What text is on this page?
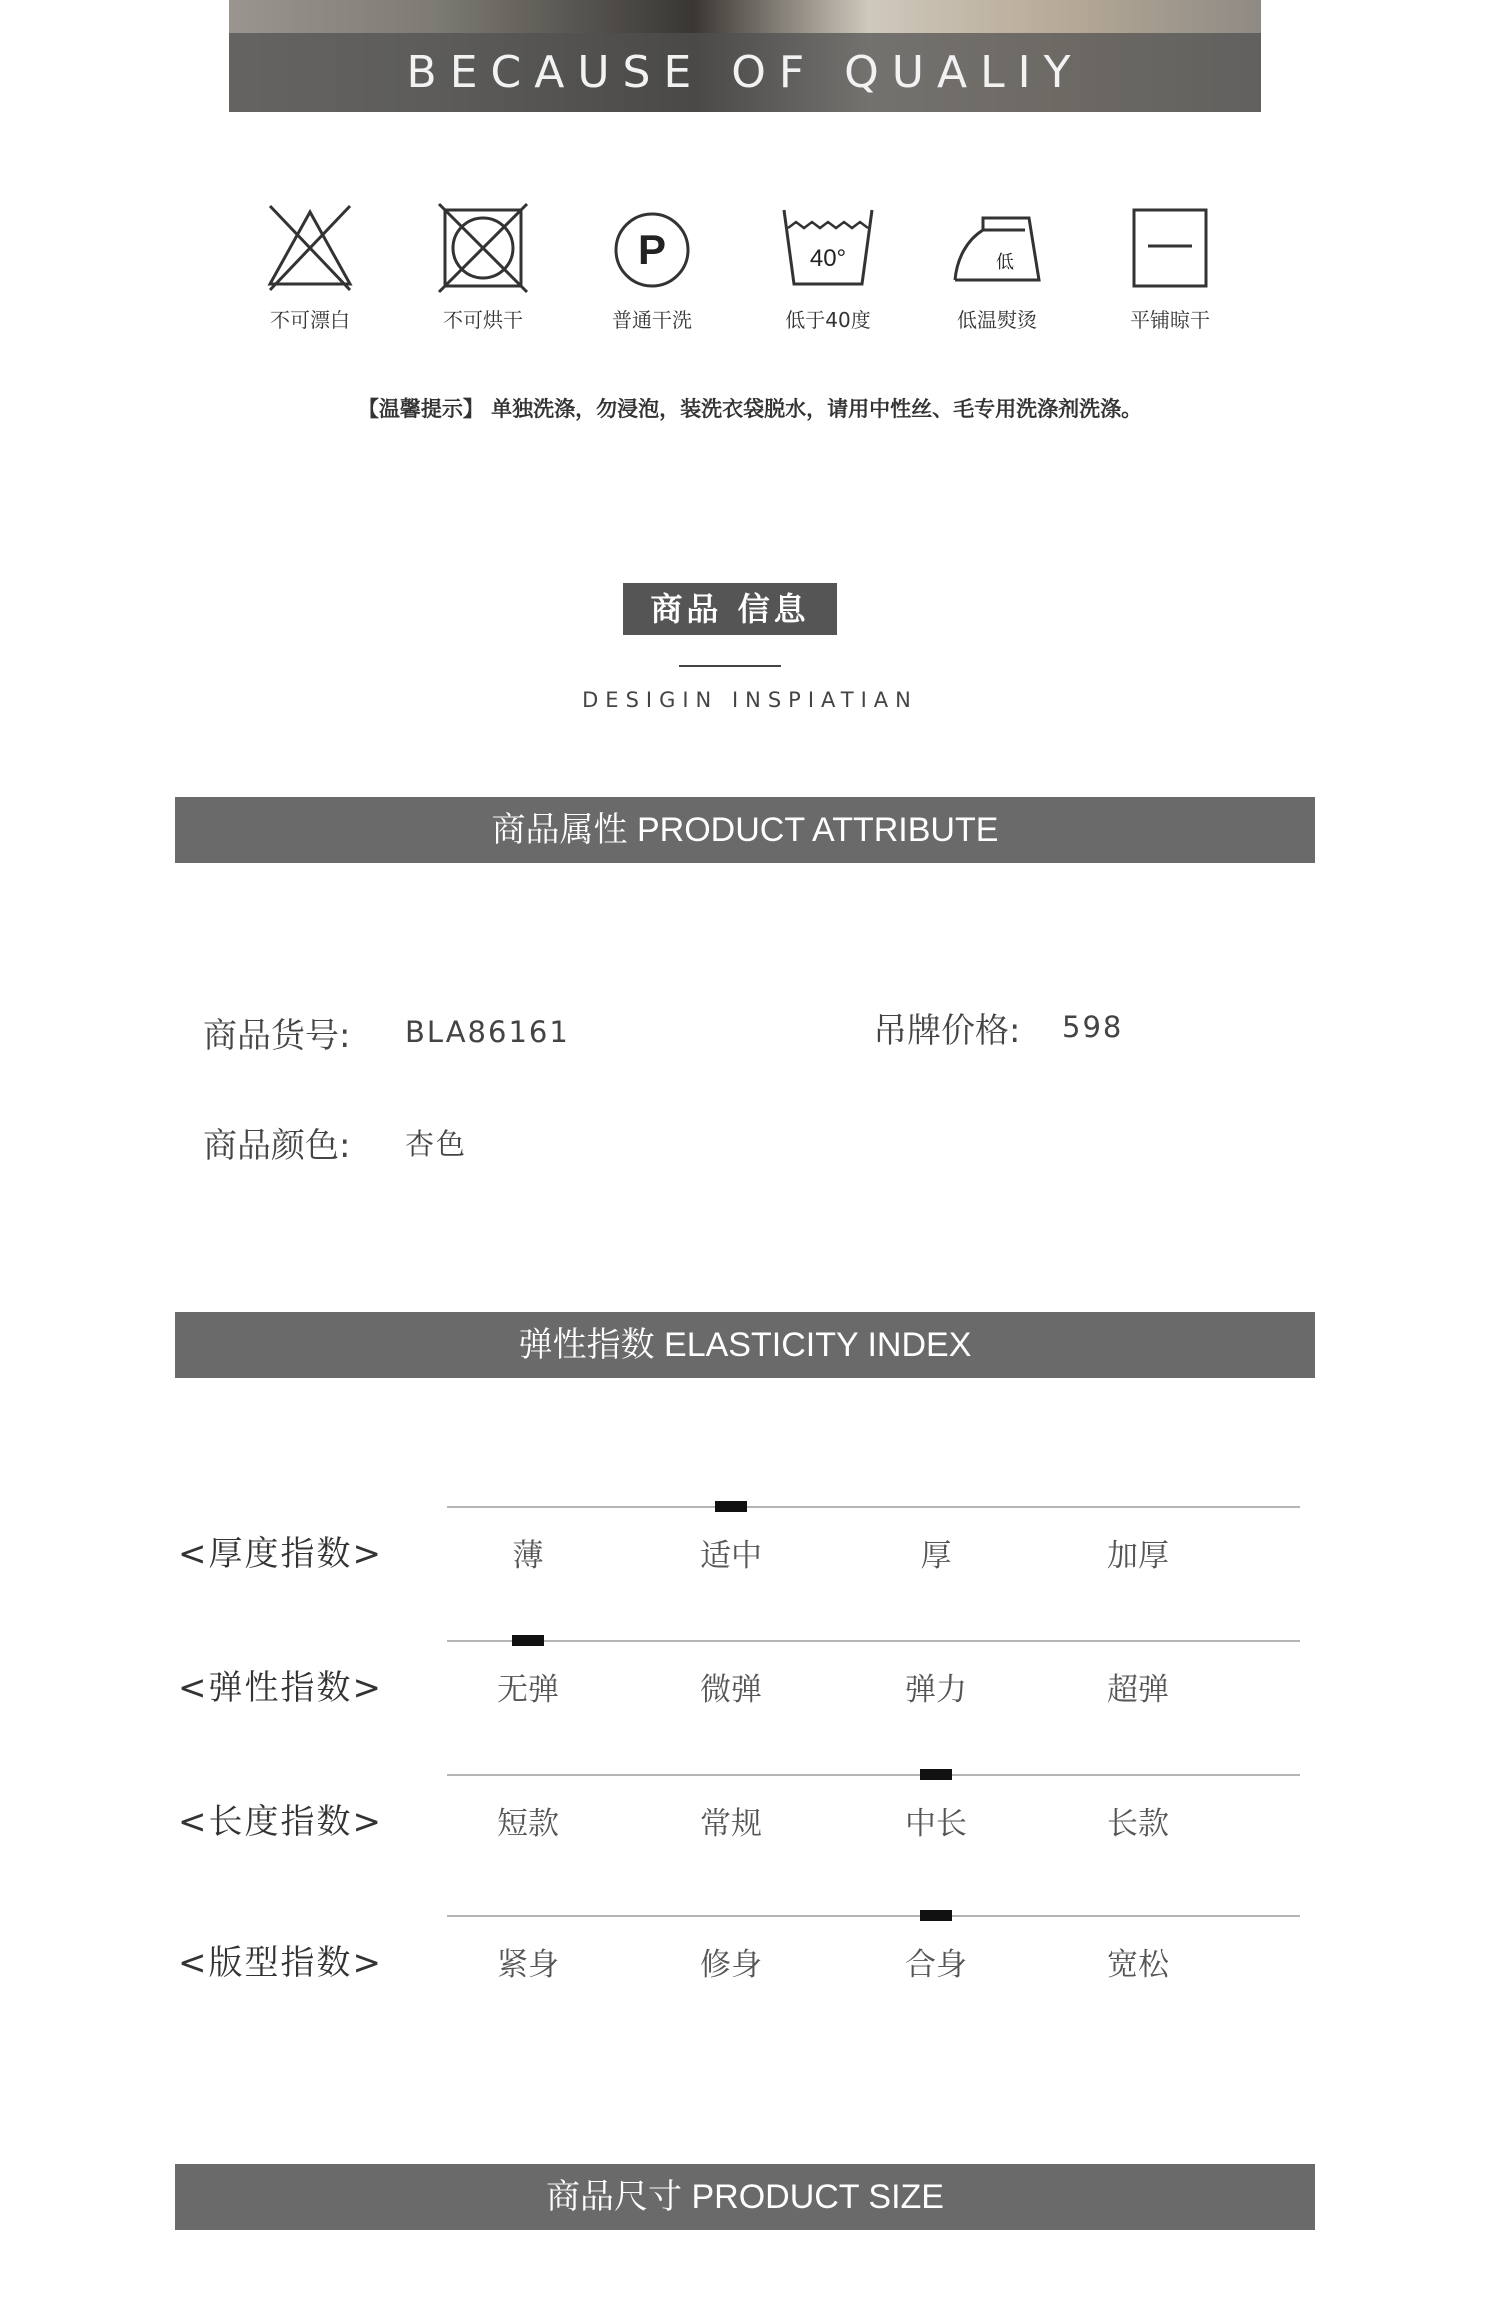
BECAUSE OF QUALIY
不可漂白	不可烘干
P
普通干洗
40°
低于40度
低
低温熨烫	平铺晾干
【温馨提示】 单独洗涤，勿浸泡，装洗衣袋脱水，请用中性丝、毛专用洗涤剂洗涤。
商品 信息
DESIGIN INSPIATIAN
商品属性 PRODUCT ATTRIBUTE
商品货号: BLA86161	吊牌价格: 598
商品颜色: 杏色
弹性指数 ELASTICITY INDEX
<厚度指数>	薄	适中	厚	加厚
<弹性指数>	无弹	微弹	弹力	超弹
<长度指数>	短款	常规	中长	长款
<版型指数>	紧身	修身	合身	宽松
商品尺寸 PRODUCT SIZE
